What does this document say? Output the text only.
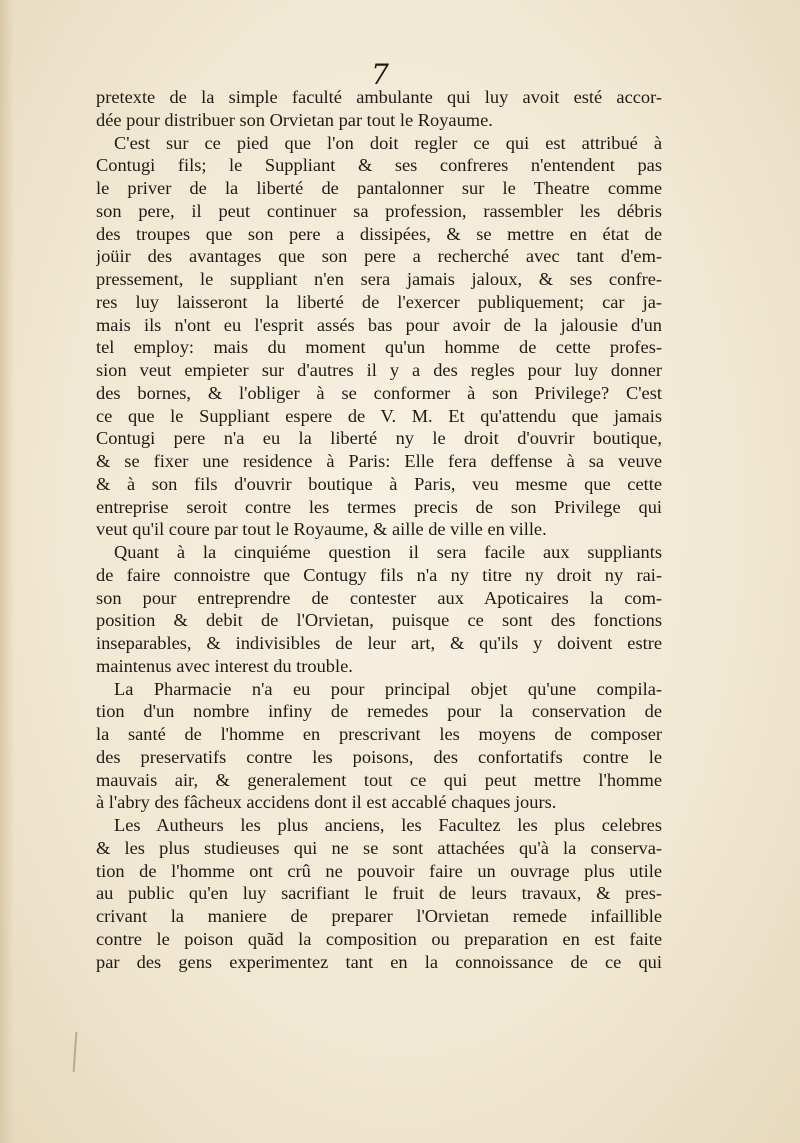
7
pretexte de la simple faculté ambulante qui luy avoit esté accor-
dée pour distribuer son Orvietan par tout le Royaume.
C'est sur ce pied que l'on doit regler ce qui est attribué à
Contugi fils; le Suppliant & ses confreres n'entendent pas
le priver de la liberté de pantalonner sur le Theatre comme
son pere, il peut continuer sa profession, rassembler les débris
des troupes que son pere a dissipées, & se mettre en état de
joüir des avantages que son pere a recherché avec tant d'em-
pressement, le suppliant n'en sera jamais jaloux, & ses confre-
res luy laisseront la liberté de l'exercer publiquement; car ja-
mais ils n'ont eu l'esprit assés bas pour avoir de la jalousie d'un
tel employ: mais du moment qu'un homme de cette profes-
sion veut empieter sur d'autres il y a des regles pour luy donner
des bornes, & l'obliger à se conformer à son Privilege? C'est
ce que le Suppliant espere de V. M. Et qu'attendu que jamais
Contugi pere n'a eu la liberté ny le droit d'ouvrir boutique,
& se fixer une residence à Paris: Elle fera deffense à sa veuve
& à son fils d'ouvrir boutique à Paris, veu mesme que cette
entreprise seroit contre les termes precis de son Privilege qui
veut qu'il coure par tout le Royaume, & aille de ville en ville.
Quant à la cinquiéme question il sera facile aux suppliants
de faire connoistre que Contugy fils n'a ny titre ny droit ny rai-
son pour entreprendre de contester aux Apoticaires la com-
position & debit de l'Orvietan, puisque ce sont des fonctions
inseparables, & indivisibles de leur art, & qu'ils y doivent estre
maintenus avec interest du trouble.
La Pharmacie n'a eu pour principal objet qu'une compila-
tion d'un nombre infiny de remedes pour la conservation de
la santé de l'homme en prescrivant les moyens de composer
des preservatifs contre les poisons, des confortatifs contre le
mauvais air, & generalement tout ce qui peut mettre l'homme
à l'abry des fâcheux accidens dont il est accablé chaques jours.
Les Autheurs les plus anciens, les Facultez les plus celebres
& les plus studieuses qui ne se sont attachées qu'à la conserva-
tion de l'homme ont crû ne pouvoir faire un ouvrage plus utile
au public qu'en luy sacrifiant le fruit de leurs travaux, & pres-
crivant la maniere de preparer l'Orvietan remede infaillible
contre le poison quãd la composition ou preparation en est faite
par des gens experimentez tant en la connoissance de ce qui
